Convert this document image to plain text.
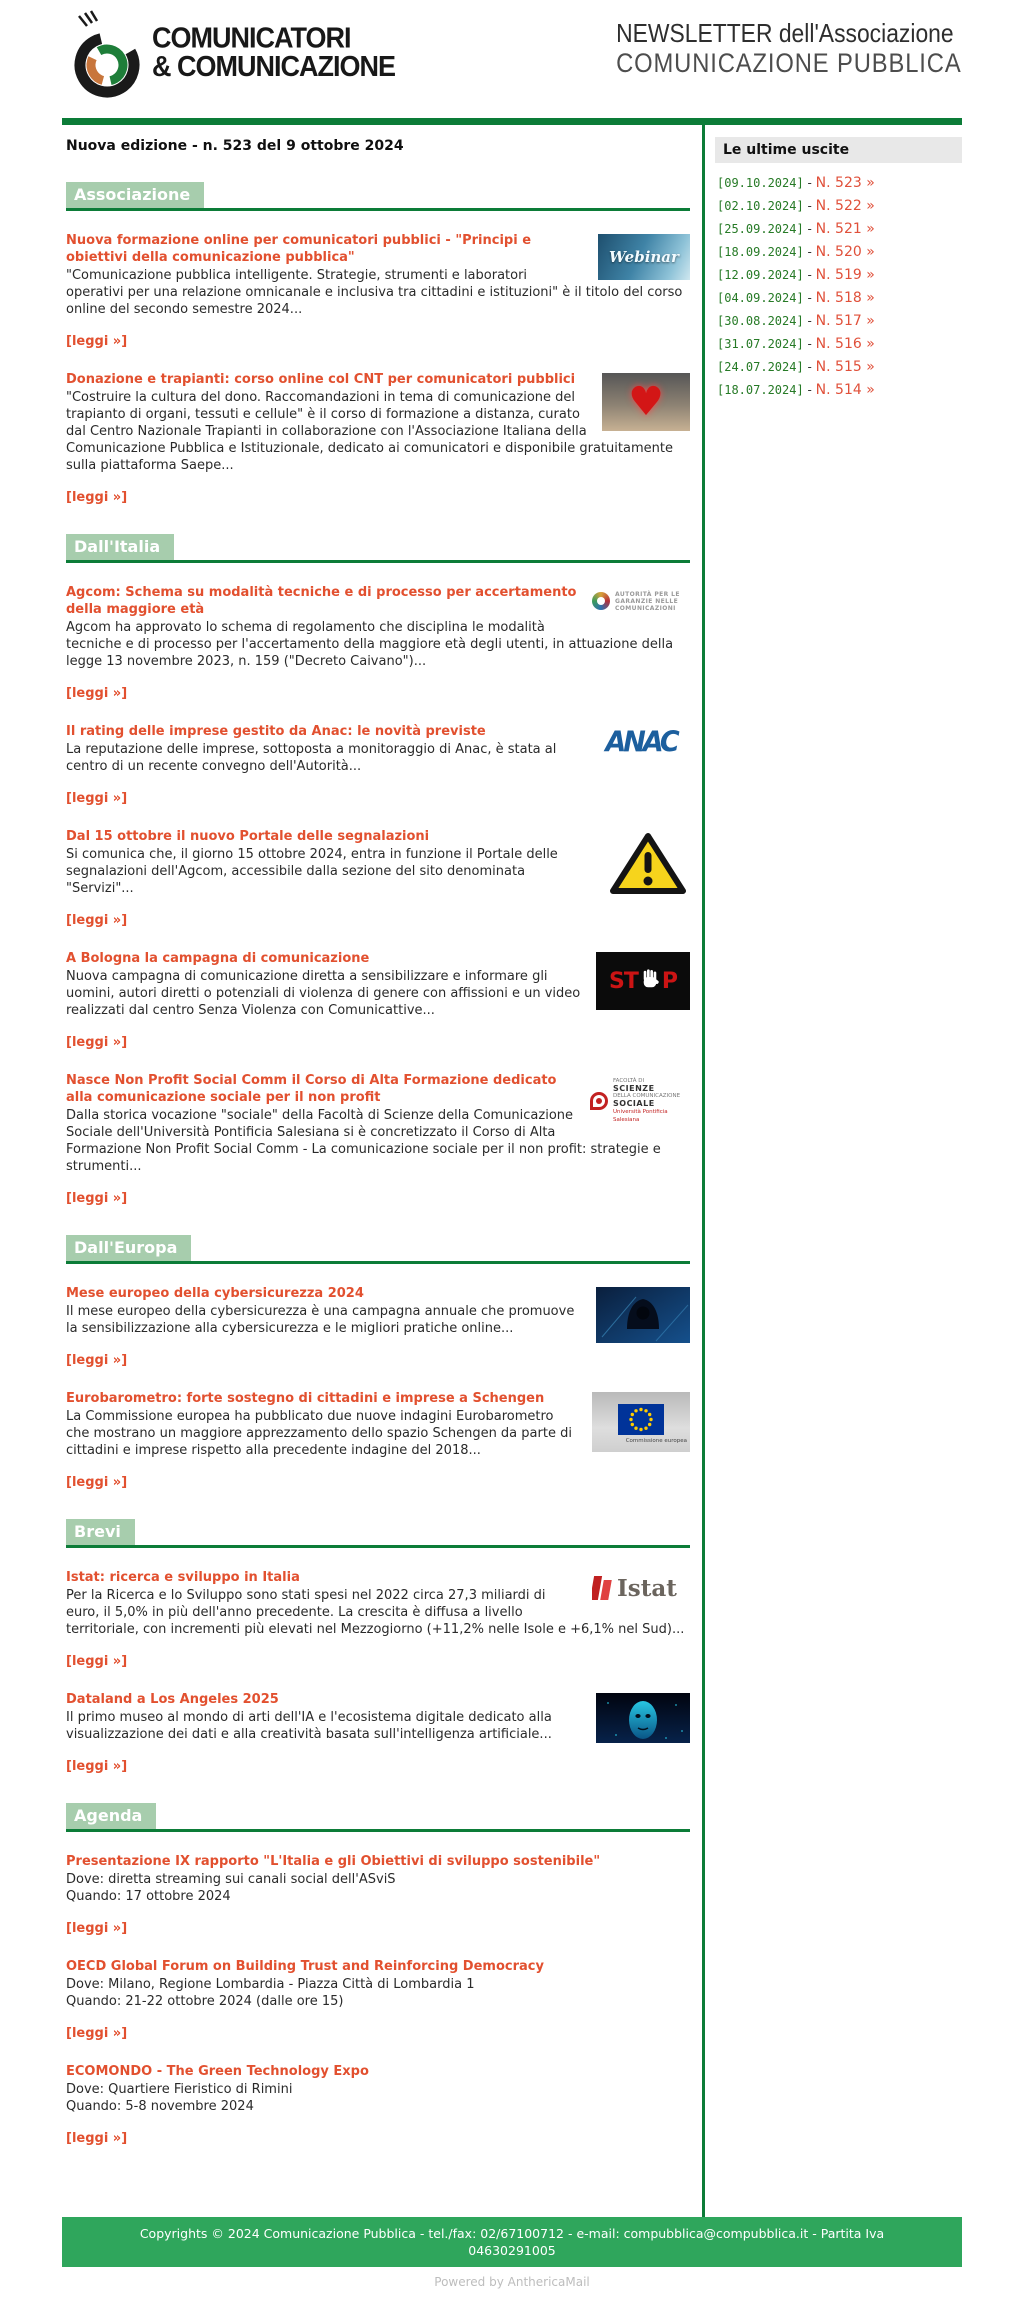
COMUNICATORI
& COMUNICAZIONE
NEWSLETTER dell'Associazione
COMUNICAZIONE PUBBLICA
Nuova edizione - n. 523 del 9 ottobre 2024
Associazione
Webinar
Nuova formazione online per comunicatori pubblici - "Principi e obiettivi della comunicazione pubblica"
"Comunicazione pubblica intelligente. Strategie, strumenti e laboratori operativi per una relazione omnicanale e inclusiva tra cittadini e istituzioni" è il titolo del corso online del secondo semestre 2024...
[leggi »]
♥
Donazione e trapianti: corso online col CNT per comunicatori pubblici
"Costruire la cultura del dono. Raccomandazioni in tema di comunicazione del trapianto di organi, tessuti e cellule" è il corso di formazione a distanza, curato dal Centro Nazionale Trapianti in collaborazione con l'Associazione Italiana della Comunicazione Pubblica e Istituzionale, dedicato ai comunicatori e disponibile gratuitamente sulla piattaforma Saepe...
[leggi »]
Dall'Italia
AUTORITÀ PER LE
GARANZIE NELLE
COMUNICAZIONI
Agcom: Schema su modalità tecniche e di processo per accertamento della maggiore età
Agcom ha approvato lo schema di regolamento che disciplina le modalità tecniche e di processo per l'accertamento della maggiore età degli utenti, in attuazione della legge 13 novembre 2023, n. 159 ("Decreto Caivano")...
[leggi »]
ANAC
Il rating delle imprese gestito da Anac: le novità previste
La reputazione delle imprese, sottoposta a monitoraggio di Anac, è stata al centro di un recente convegno dell'Autorità...
[leggi »]
Dal 15 ottobre il nuovo Portale delle segnalazioni
Si comunica che, il giorno 15 ottobre 2024, entra in funzione il Portale delle segnalazioni dell'Agcom, accessibile dalla sezione del sito denominata "Servizi"...
[leggi »]
ST P
A Bologna la campagna di comunicazione
Nuova campagna di comunicazione diretta a sensibilizzare e informare gli uomini, autori diretti o potenziali di violenza di genere con affissioni e un video realizzati dal centro Senza Violenza con Comunicattive...
[leggi »]
FACOLTÀ DI
SCIENZE
DELLA COMUNICAZIONE
SOCIALE
Università Pontificia Salesiana
Nasce Non Profit Social Comm il Corso di Alta Formazione dedicato alla comunicazione sociale per il non profit
Dalla storica vocazione "sociale" della Facoltà di Scienze della Comunicazione Sociale dell'Università Pontificia Salesiana si è concretizzato il Corso di Alta Formazione Non Profit Social Comm - La comunicazione sociale per il non profit: strategie e strumenti...
[leggi »]
Dall'Europa
Mese europeo della cybersicurezza 2024
Il mese europeo della cybersicurezza è una campagna annuale che promuove la sensibilizzazione alla cybersicurezza e le migliori pratiche online...
[leggi »]
Commissione europea
Eurobarometro: forte sostegno di cittadini e imprese a Schengen
La Commissione europea ha pubblicato due nuove indagini Eurobarometro che mostrano un maggiore apprezzamento dello spazio Schengen da parte di cittadini e imprese rispetto alla precedente indagine del 2018...
[leggi »]
Brevi
Istat
Istat: ricerca e sviluppo in Italia
Per la Ricerca e lo Sviluppo sono stati spesi nel 2022 circa 27,3 miliardi di euro, il 5,0% in più dell'anno precedente. La crescita è diffusa a livello territoriale, con incrementi più elevati nel Mezzogiorno (+11,2% nelle Isole e +6,1% nel Sud)...
[leggi »]
Dataland a Los Angeles 2025
Il primo museo al mondo di arti dell'IA e l'ecosistema digitale dedicato alla visualizzazione dei dati e alla creatività basata sull'intelligenza artificiale...
[leggi »]
Agenda
Presentazione IX rapporto "L'Italia e gli Obiettivi di sviluppo sostenibile"
Dove: diretta streaming sui canali social dell'ASviS
Quando: 17 ottobre 2024
[leggi »]
OECD Global Forum on Building Trust and Reinforcing Democracy
Dove: Milano, Regione Lombardia - Piazza Città di Lombardia 1
Quando: 21-22 ottobre 2024 (dalle ore 15)
[leggi »]
ECOMONDO - The Green Technology Expo
Dove: Quartiere Fieristico di Rimini
Quando: 5-8 novembre 2024
[leggi »]
Le ultime uscite
[09.10.2024] - N. 523 »
[02.10.2024] - N. 522 »
[25.09.2024] - N. 521 »
[18.09.2024] - N. 520 »
[12.09.2024] - N. 519 »
[04.09.2024] - N. 518 »
[30.08.2024] - N. 517 »
[31.07.2024] - N. 516 »
[24.07.2024] - N. 515 »
[18.07.2024] - N. 514 »
Copyrights © 2024 Comunicazione Pubblica - tel./fax: 02/67100712 - e-mail: compubblica@compubblica.it - Partita Iva 04630291005
Powered by AnthericaMail
